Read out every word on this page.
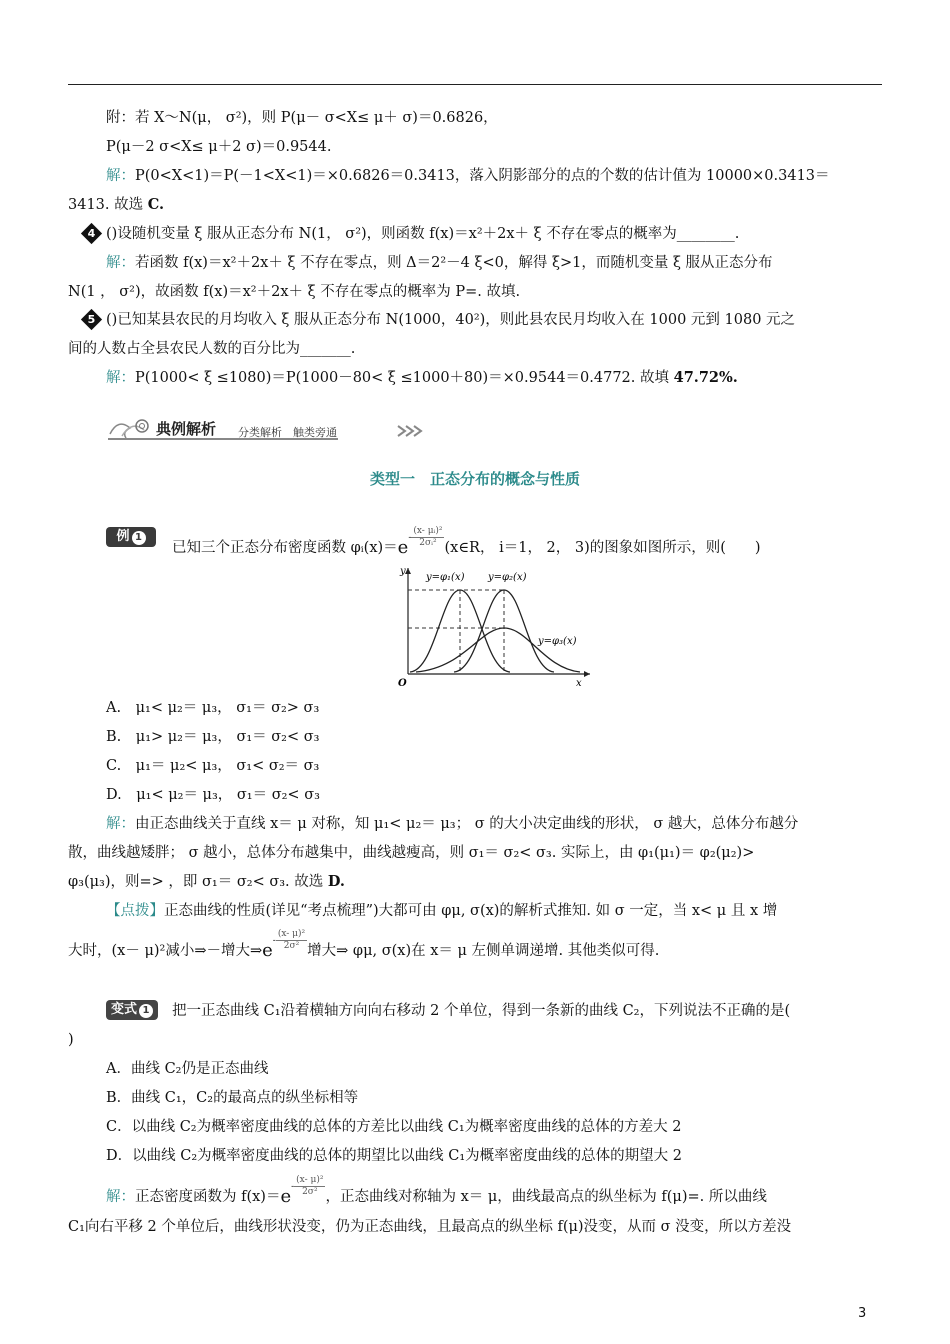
附：若 X～N(μ， σ²)，则 P(μ－ σ<X≤ μ＋ σ)＝0.6826，
P(μ－2 σ<X≤ μ＋2 σ)＝0.9544.
解：P(0<X<1)＝P(－1<X<1)＝×0.6826＝0.3413，落入阴影部分的点的个数的估计值为 10000×0.3413＝
3413. 故选 C.
4 ()设随机变量 ξ 服从正态分布 N(1， σ²)，则函数 f(x)＝x²＋2x＋ ξ 不存在零点的概率为________.
解：若函数 f(x)＝x²＋2x＋ ξ 不存在零点，则 Δ＝2²－4 ξ<0，解得 ξ>1，而随机变量 ξ 服从正态分布
N(1 ， σ²)，故函数 f(x)＝x²＋2x＋ ξ 不存在零点的概率为 P=. 故填.
5 ()已知某县农民的月均收入 ξ 服从正态分布 N(1000，40²)，则此县农民月均收入在 1000 元到 1080 元之
间的人数占全县农民人数的百分比为_______.
解：P(1000< ξ ≤1080)＝P(1000－80< ξ ≤1000＋80)＝×0.9544＝0.4772. 故填 47.72%.
典例解析 分类解析　触类旁通
类型一　正态分布的概念与性质
例 1
已知三个正态分布密度函数 $\varphi ᵢ(x)=e^{- \frac{\text{(x- μᵢ)²}}{\text{2σᵢ²}}}$ (x∈R， i＝1， 2， 3)的图象如图所示，则(　　)
y
x
O
y=φ₁(x) y=φ₂(x)
y=φ₃(x)
A.　μ₁< μ₂＝ μ₃， σ₁＝ σ₂> σ₃
B.　μ₁> μ₂＝ μ₃， σ₁＝ σ₂< σ₃
C.　μ₁＝ μ₂< μ₃， σ₁< σ₂＝ σ₃
D.　μ₁< μ₂＝ μ₃， σ₁＝ σ₂< σ₃
解：由正态曲线关于直线 x＝ μ 对称，知 μ₁< μ₂＝ μ₃； σ 的大小决定曲线的形状， σ 越大，总体分布越分
散，曲线越矮胖； σ 越小，总体分布越集中，曲线越瘦高，则 σ₁＝ σ₂< σ₃. 实际上，由 φ₁(μ₁)＝ φ₂(μ₂)>
φ₃(μ₃)，则=> ，即 σ₁＝ σ₂< σ₃. 故选 D.
【点拨】正态曲线的性质(详见“考点梳理”)大都可由 φμ, σ(x)的解析式推知. 如 σ 一定，当 x< μ 且 x 增
大时，(x－ μ)²减小⇒－增大$\Rightarrow e^{- \frac{\text{(x- μ)²}}{\text{2σ²}}}$ 增大⇒ φμ, σ(x)在 x＝ μ 左侧单调递增. 其他类似可得.
变式 1	把一正态曲线 C₁沿着横轴方向向右移动 2 个单位，得到一条新的曲线 C₂，下列说法不正确的是(
)
A．曲线 C₂仍是正态曲线
B．曲线 C₁，C₂的最高点的纵坐标相等
C．以曲线 C₂为概率密度曲线的总体的方差比以曲线 C₁为概率密度曲线的总体的方差大 2
D．以曲线 C₂为概率密度曲线的总体的期望比以曲线 C₁为概率密度曲线的总体的期望大 2
解：正态密度函数为 $f(x)=e^{- \frac{\text{(x- μ)²}}{\text{2σ²}}}$ ，正态曲线对称轴为 x＝ μ，曲线最高点的纵坐标为 f(μ)=. 所以曲线
C₁向右平移 2 个单位后，曲线形状没变，仍为正态曲线，且最高点的纵坐标 f(μ)没变，从而 σ 没变，所以方差没
3
